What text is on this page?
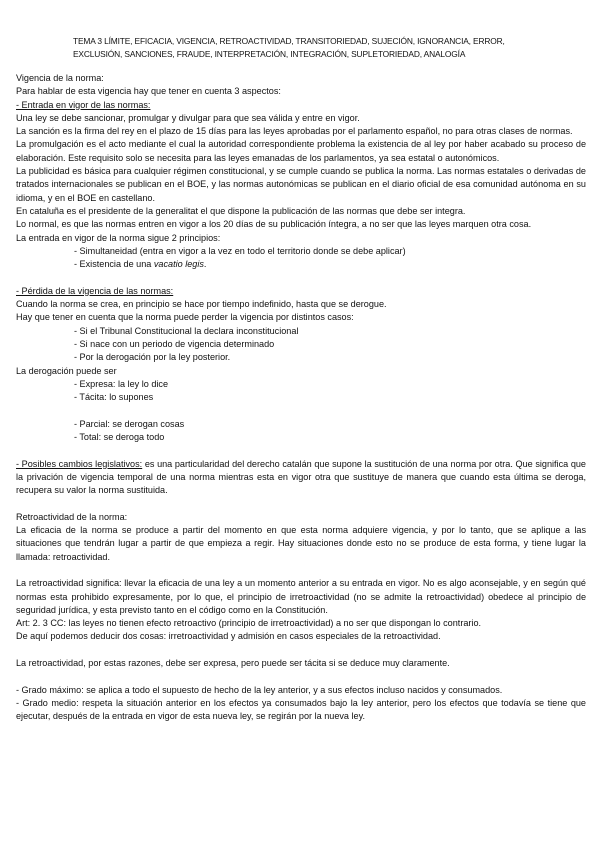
TEMA 3 LÍMITE, EFICACIA, VIGENCIA, RETROACTIVIDAD, TRANSITORIEDAD, SUJECIÓN, IGNORANCIA, ERROR, EXCLUSIÓN, SANCIONES, FRAUDE, INTERPRETACIÓN, INTEGRACIÓN, SUPLETORIEDAD, ANALOGÍA

Vigencia de la norma:

Para hablar de esta vigencia hay que tener en cuenta 3 aspectos:

- Entrada en vigor de las normas:

Una ley se debe sancionar, promulgar y divulgar para que sea válida y entre en vigor.

La sanción es la firma del rey en el plazo de 15 días para las leyes aprobadas por el parlamento español, no para otras clases de normas.

La promulgación es el acto mediante el cual la autoridad correspondiente problema la existencia de al ley por haber acabado su proceso de elaboración. Este requisito solo se necesita para las leyes emanadas de los parlamentos, ya sea estatal o autonómicos.

La publicidad es básica para cualquier régimen constitucional, y se cumple cuando se publica la norma. Las normas estatales o derivadas de tratados internacionales se publican en el BOE, y las normas autonómicas se publican en el diario oficial de esa comunidad autónoma en su idioma, y en el BOE en castellano.

En cataluña es el presidente de la generalitat el que dispone la publicación de las normas que debe ser integra.

Lo normal, es que las normas entren en vigor a los 20 días de su publicación íntegra, a no ser que las leyes marquen otra cosa.

La entrada en vigor de la norma sigue 2 principios:

- Simultaneidad (entra en vigor a la vez en todo el territorio donde se debe aplicar)

- Existencia de una vacatio legis.

- Pérdida de la vigencia de las normas:

Cuando la norma se crea, en principio se hace por tiempo indefinido, hasta que se derogue.

Hay que tener en cuenta que la norma puede perder la vigencia por distintos casos:

- Si el Tribunal Constitucional la declara inconstitucional

- Si nace con un periodo de vigencia determinado

- Por la derogación por la ley posterior.

La derogación puede ser

- Expresa: la ley lo dice

- Tácita: lo supones

- Parcial: se derogan cosas

- Total: se deroga todo

- Posibles cambios legislativos: es una particularidad del derecho catalán que supone la sustitución de una norma por otra. Que significa que la privación de vigencia temporal de una norma mientras esta en vigor otra que sustituye de manera que cuando esta última se deroga, recupera su valor la norma sustituida.

Retroactividad de la norma:

La eficacia de la norma se produce a partir del momento en que esta norma adquiere vigencia, y por lo tanto, que se aplique a las situaciones que tendrán lugar a partir de que empieza a regir. Hay situaciones donde esto no se produce de esta forma, y tiene lugar la llamada: retroactividad.

La retroactividad significa: llevar la eficacia de una ley a un momento anterior a su entrada en vigor. No es algo aconsejable, y en según qué normas esta prohibido expresamente, por lo que, el principio de irretroactividad (no se admite la retroactividad) obedece al principio de seguridad jurídica, y esta previsto tanto en el código como en la Constitución.

Art: 2. 3 CC: las leyes no tienen efecto retroactivo (principio de irretroactividad) a no ser que dispongan lo contrario.

De aquí podemos deducir dos cosas: irretroactividad y admisión en casos especiales de la retroactividad.

La retroactividad, por estas razones, debe ser expresa, pero puede ser tácita si se deduce muy claramente.

- Grado máximo: se aplica a todo el supuesto de hecho de la ley anterior, y a sus efectos incluso nacidos y consumados.

- Grado medio: respeta la situación anterior en los efectos ya consumados bajo la ley anterior, pero los efectos que todavía se tiene que ejecutar, después de la entrada en vigor de esta nueva ley, se regirán por la nueva ley.
